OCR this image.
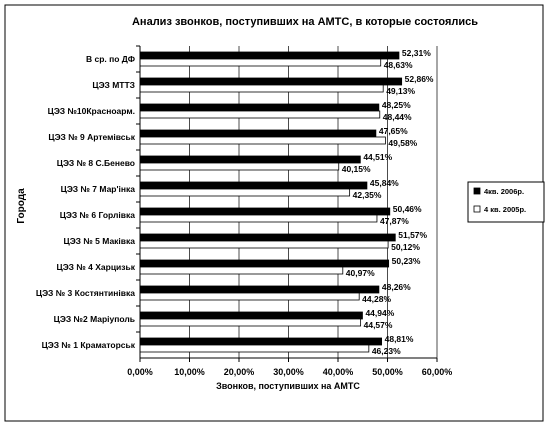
Анализ звонков, поступивших на АМТС, в которые состоялись
Города
Звонков, поступивших на АМТС
0,00% 10,00% 20,00% 30,00% 40,00% 50,00% 60,00%
В ср. по ДФ
ЦЭЗ МТТЗ
ЦЭЗ №10Краснoарм.
ЦЭЗ № 9 Артемiвськ
ЦЭЗ № 8 С.Бенево
ЦЭЗ № 7 Мар'iнка
ЦЭЗ № 6 Горлiвка
ЦЭЗ № 5 Макiвка
ЦЭЗ № 4 Харцизьк
ЦЭЗ № 3 Костянтинiвка
ЦЭЗ №2 Марiуполь
ЦЭЗ № 1 Краматорськ
52,31%
48,63%
52,86%
49,13%
48,25%
48,44%
47,65%
49,58%
44,51%
40,15%
45,84%
42,35%
50,46%
47,87%
51,57%
50,12%
50,23%
40,97%
48,26%
44,28%
44,94%
44,57%
48,81%
46,23%
4кв. 2006р.
4 кв. 2005р.
